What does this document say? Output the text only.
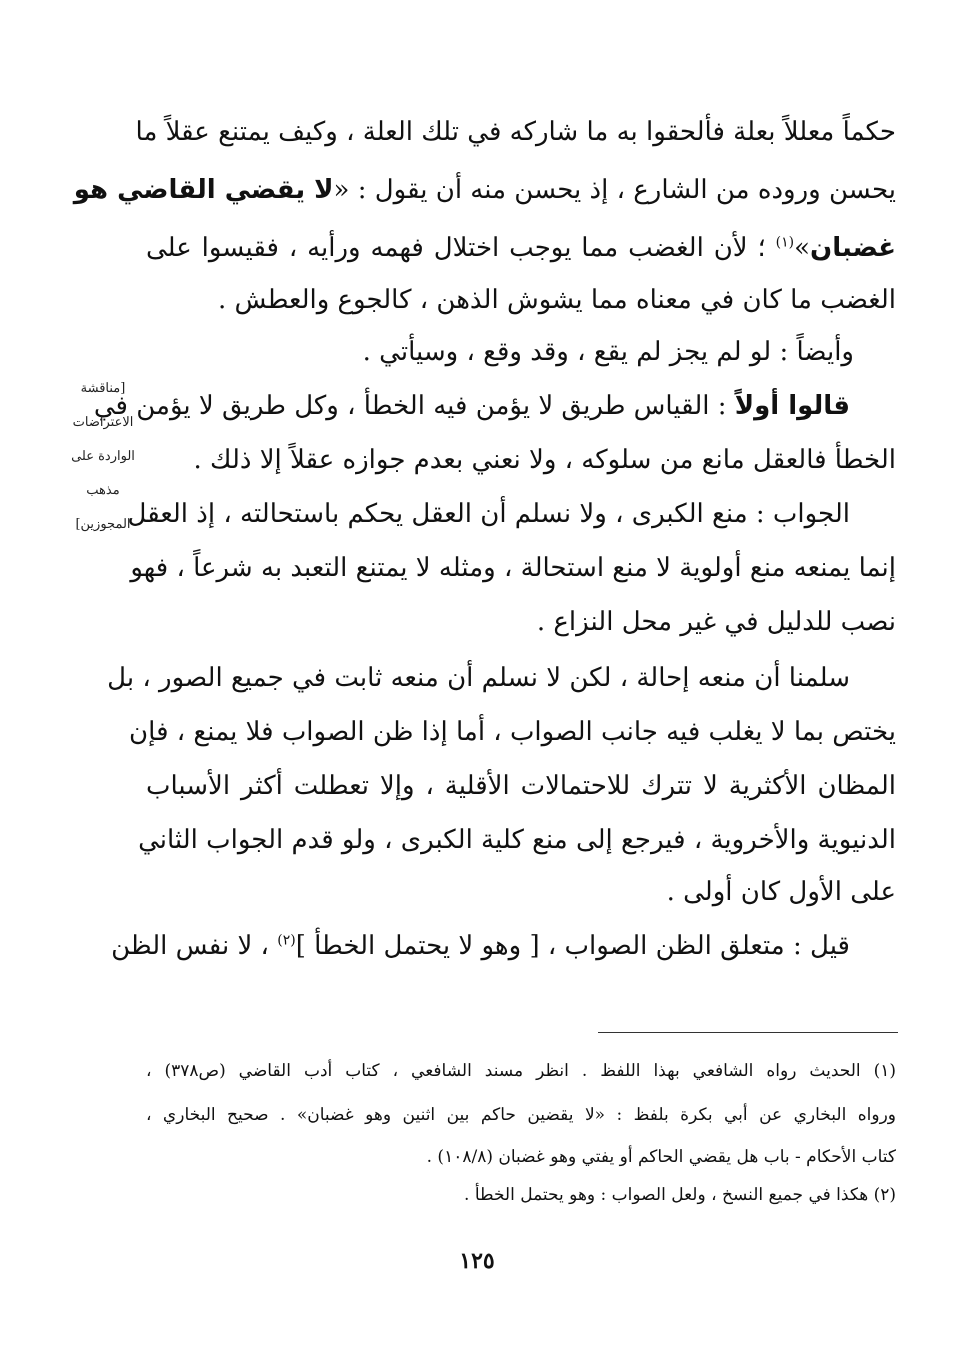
حكماً معللاً بعلة فألحقوا به ما شاركه في تلك العلة ، وكيف يمتنع عقلاً ما
يحسن وروده من الشارع ، إذ يحسن منه أن يقول : «لا يقضي القاضي هو
غضبان»$^{(١)}$ ؛ لأن الغضب مما يوجب اختلال فهمه ورأيه ، فقيسوا على
الغضب ما كان في معناه مما يشوش الذهن ، كالجوع والعطش .
وأيضاً : لو لم يجز لم يقع ، وقد وقع ، وسيأتي .
قالوا أولاً : القياس طريق لا يؤمن فيه الخطأ ، وكل طريق لا يؤمن في
الخطأ فالعقل مانع من سلوكه ، ولا نعني بعدم جوازه عقلاً إلا ذلك .
الجواب : منع الكبرى ، ولا نسلم أن العقل يحكم باستحالته ، إذ العقل
إنما يمنعه منع أولوية لا منع استحالة ، ومثله لا يمتنع التعبد به شرعاً ، فهو
نصب للدليل في غير محل النزاع .
سلمنا أن منعه إحالة ، لكن لا نسلم أن منعه ثابت في جميع الصور ، بل
يختص بما لا يغلب فيه جانب الصواب ، أما إذا ظن الصواب فلا يمنع ، فإن
المظان الأكثرية لا تترك للاحتمالات الأقلية ، وإلا تعطلت أكثر الأسباب
الدنيوية والأخروية ، فيرجع إلى منع كلية الكبرى ، ولو قدم الجواب الثاني
على الأول كان أولى .
قيل : متعلق الظن الصواب ، [ وهو لا يحتمل الخطأ ]$^{(٢)}$ ، لا نفس الظن
[مناقشة
الاعتراضات
الواردة على
مذهب
المجوزين]
(١) الحديث رواه الشافعي بهذا اللفظ . انظر مسند الشافعي ، كتاب أدب القاضي (ص٣٧٨) ،
ورواه البخاري عن أبي بكرة بلفظ : «لا يقضين حاكم بين اثنين وهو غضبان» . صحيح البخاري ،
كتاب الأحكام - باب هل يقضي الحاكم أو يفتي وهو غضبان (١٠٨/٨) .
(٢) هكذا في جميع النسخ ، ولعل الصواب : وهو يحتمل الخطأ .
١٢٥
